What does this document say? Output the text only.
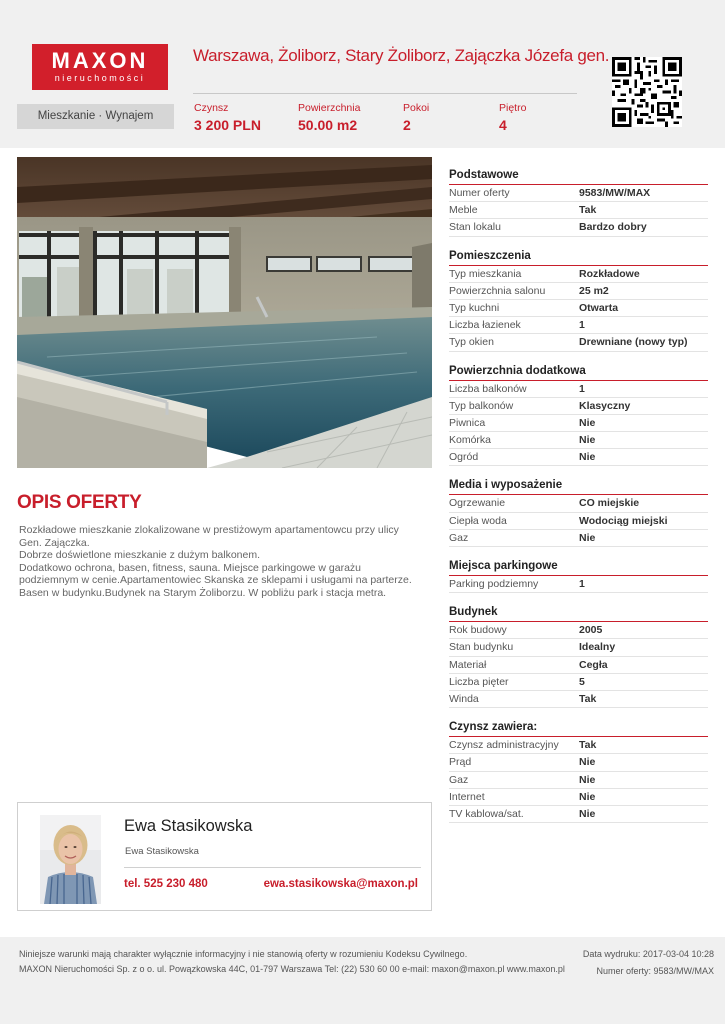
MAXON
nieruchomości
Warszawa, Żoliborz, Stary Żoliborz, Zajączka Józefa gen.
Mieszkanie · Wynajem
Czynsz
3 200 PLN
Powierzchnia
50.00 m2
Pokoi
2
Piętro
4
OPIS OFERTY

Rozkładowe mieszkanie zlokalizowane w prestiżowym apartamentowcu przy ulicy Gen. Zajączka.

Dobrze doświetlone mieszkanie z dużym balkonem.

Dodatkowo ochrona, basen, fitness, sauna. Miejsce parkingowe w garażu podziemnym w cenie.Apartamentowiec Skanska ze sklepami i usługami na parterze. Basen w budynku.Budynek na Starym Żoliborzu. W pobliżu park i stacja metra.

Ewa Stasikowska
Ewa Stasikowska
tel. 525 230 480	ewa.stasikowska@maxon.pl
Podstawowe
Numer oferty	9583/MW/MAX
Meble	Tak
Stan lokalu	Bardzo dobry
Pomieszczenia
Typ mieszkania	Rozkładowe
Powierzchnia salonu	25 m2
Typ kuchni	Otwarta
Liczba łazienek	1
Typ okien	Drewniane (nowy typ)
Powierzchnia dodatkowa
Liczba balkonów	1
Typ balkonów	Klasyczny
Piwnica	Nie
Komórka	Nie
Ogród	Nie
Media i wyposażenie
Ogrzewanie	CO miejskie
Ciepła woda	Wodociąg miejski
Gaz	Nie
Miejsca parkingowe
Parking podziemny	1
Budynek
Rok budowy	2005
Stan budynku	Idealny
Materiał	Cegła
Liczba pięter	5
Winda	Tak
Czynsz zawiera:
Czynsz administracyjny Tak
Prąd	Nie
Gaz	Nie
Internet	Nie
TV kablowa/sat.	Nie
Niniejsze warunki mają charakter wyłącznie informacyjny i nie stanowią oferty w rozumieniu Kodeksu Cywilnego.
MAXON Nieruchomości Sp. z o o. ul. Powązkowska 44C, 01-797 Warszawa Tel: (22) 530 60 00 e-mail: maxon@maxon.pl www.maxon.pl
Data wydruku: 2017-03-04 10:28
Numer oferty: 9583/MW/MAX
